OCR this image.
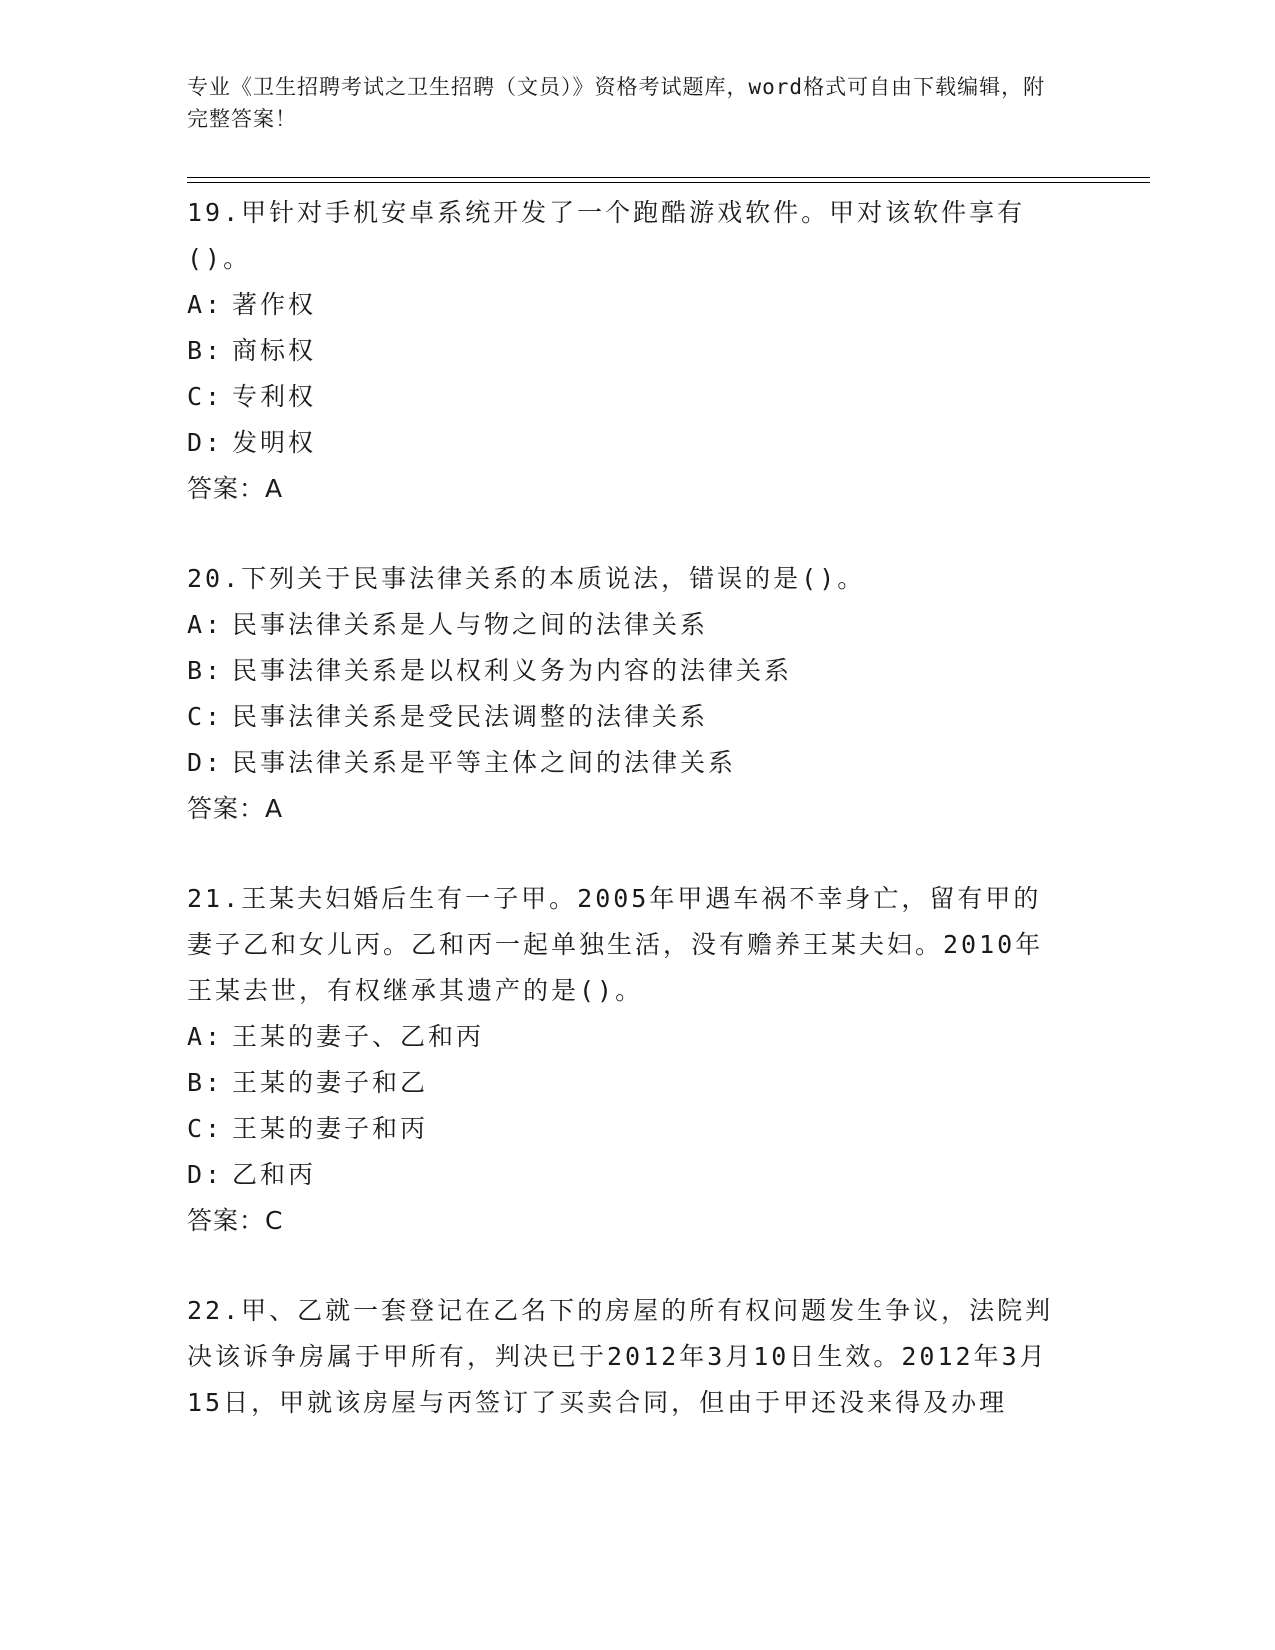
专业《卫生招聘考试之卫生招聘（文员）》资格考试题库，word格式可自由下载编辑，附完整答案！

19.甲针对手机安卓系统开发了一个跑酷游戏软件。甲对该软件享有()。

A: 著作权

B: 商标权

C: 专利权

D: 发明权

答案：A

20.下列关于民事法律关系的本质说法，错误的是()。

A: 民事法律关系是人与物之间的法律关系

B: 民事法律关系是以权利义务为内容的法律关系

C: 民事法律关系是受民法调整的法律关系

D: 民事法律关系是平等主体之间的法律关系

答案：A

21.王某夫妇婚后生有一子甲。2005年甲遇车祸不幸身亡，留有甲的妻子乙和女儿丙。乙和丙一起单独生活，没有赡养王某夫妇。2010年王某去世，有权继承其遗产的是()。

A: 王某的妻子、乙和丙

B: 王某的妻子和乙

C: 王某的妻子和丙

D: 乙和丙

答案：C

22.甲、乙就一套登记在乙名下的房屋的所有权问题发生争议，法院判决该诉争房属于甲所有，判决已于2012年3月10日生效。2012年3月15日，甲就该房屋与丙签订了买卖合同，但由于甲还没来得及办理
